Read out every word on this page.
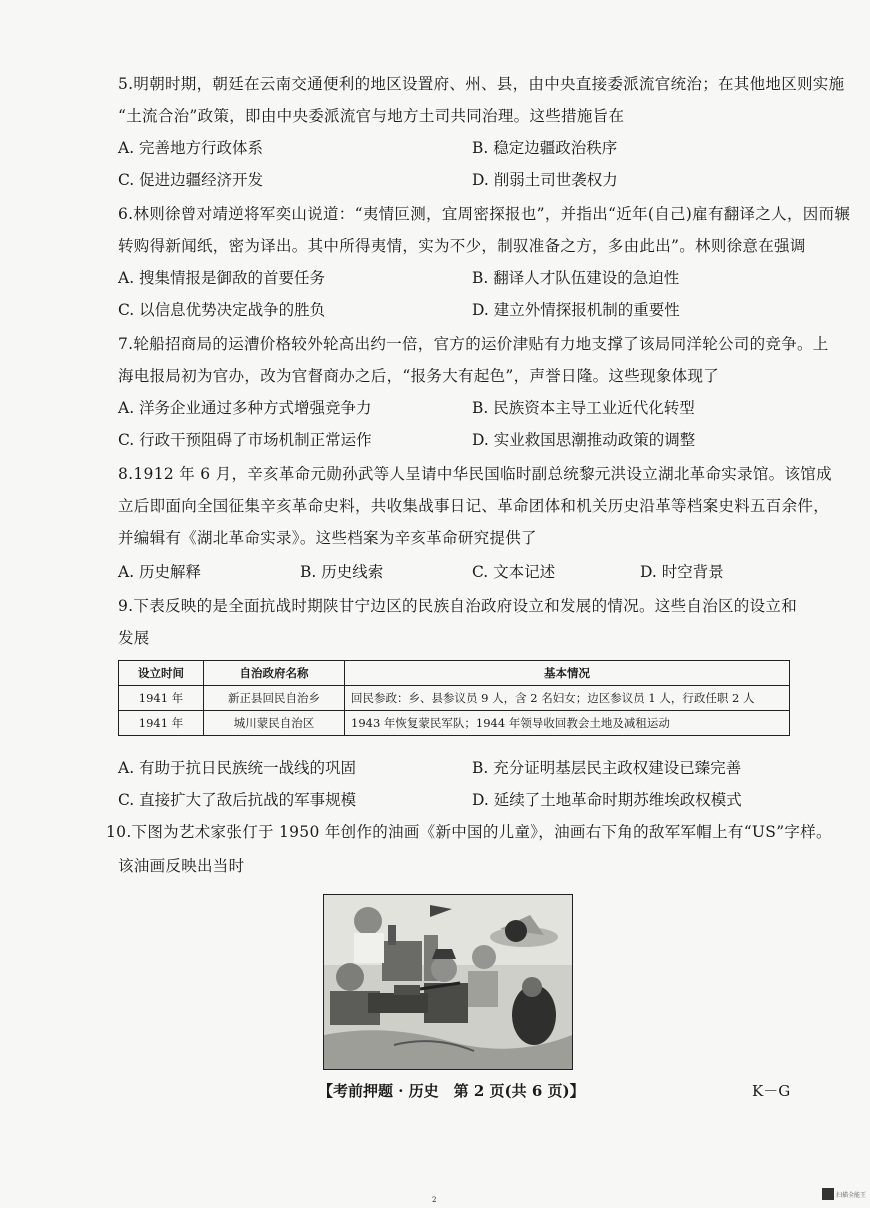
5.明朝时期，朝廷在云南交通便利的地区设置府、州、县，由中央直接委派流官统治；在其他地区则实施
“土流合治”政策，即由中央委派流官与地方土司共同治理。这些措施旨在
A. 完善地方行政体系	B. 稳定边疆政治秩序
C. 促进边疆经济开发	D. 削弱土司世袭权力
6.林则徐曾对靖逆将军奕山说道：“夷情叵测，宜周密探报也”，并指出“近年(自己)雇有翻译之人，因而辗
转购得新闻纸，密为译出。其中所得夷情，实为不少，制驭准备之方，多由此出”。林则徐意在强调
A. 搜集情报是御敌的首要任务	B. 翻译人才队伍建设的急迫性
C. 以信息优势决定战争的胜负	D. 建立外情探报机制的重要性
7.轮船招商局的运漕价格较外轮高出约一倍，官方的运价津贴有力地支撑了该局同洋轮公司的竞争。上
海电报局初为官办，改为官督商办之后，“报务大有起色”，声誉日隆。这些现象体现了
A. 洋务企业通过多种方式增强竞争力	B. 民族资本主导工业近代化转型
C. 行政干预阻碍了市场机制正常运作	D. 实业救国思潮推动政策的调整
8.1912 年 6 月，辛亥革命元勋孙武等人呈请中华民国临时副总统黎元洪设立湖北革命实录馆。该馆成
立后即面向全国征集辛亥革命史料，共收集战事日记、革命团体和机关历史沿革等档案史料五百余件，
并编辑有《湖北革命实录》。这些档案为辛亥革命研究提供了
A. 历史解释	B. 历史线索	C. 文本记述	D. 时空背景
9.下表反映的是全面抗战时期陕甘宁边区的民族自治政府设立和发展的情况。这些自治区的设立和
发展
设立时间	自治政府名称	基本情况
1941 年	新正县回民自治乡	回民参政：乡、县参议员 9 人，含 2 名妇女；边区参议员 1 人，行政任职 2 人
1941 年	城川蒙民自治区	1943 年恢复蒙民军队；1944 年领导收回教会土地及减租运动
A. 有助于抗日民族统一战线的巩固	B. 充分证明基层民主政权建设已臻完善
C. 直接扩大了敌后抗战的军事规模	D. 延续了土地革命时期苏维埃政权模式
10.下图为艺术家张仃于 1950 年创作的油画《新中国的儿童》，油画右下角的敌军军帽上有“US”字样。
该油画反映出当时
【考前押题 · 历史　第 2 页(共 6 页)】	K－G
2
扫描全能王
